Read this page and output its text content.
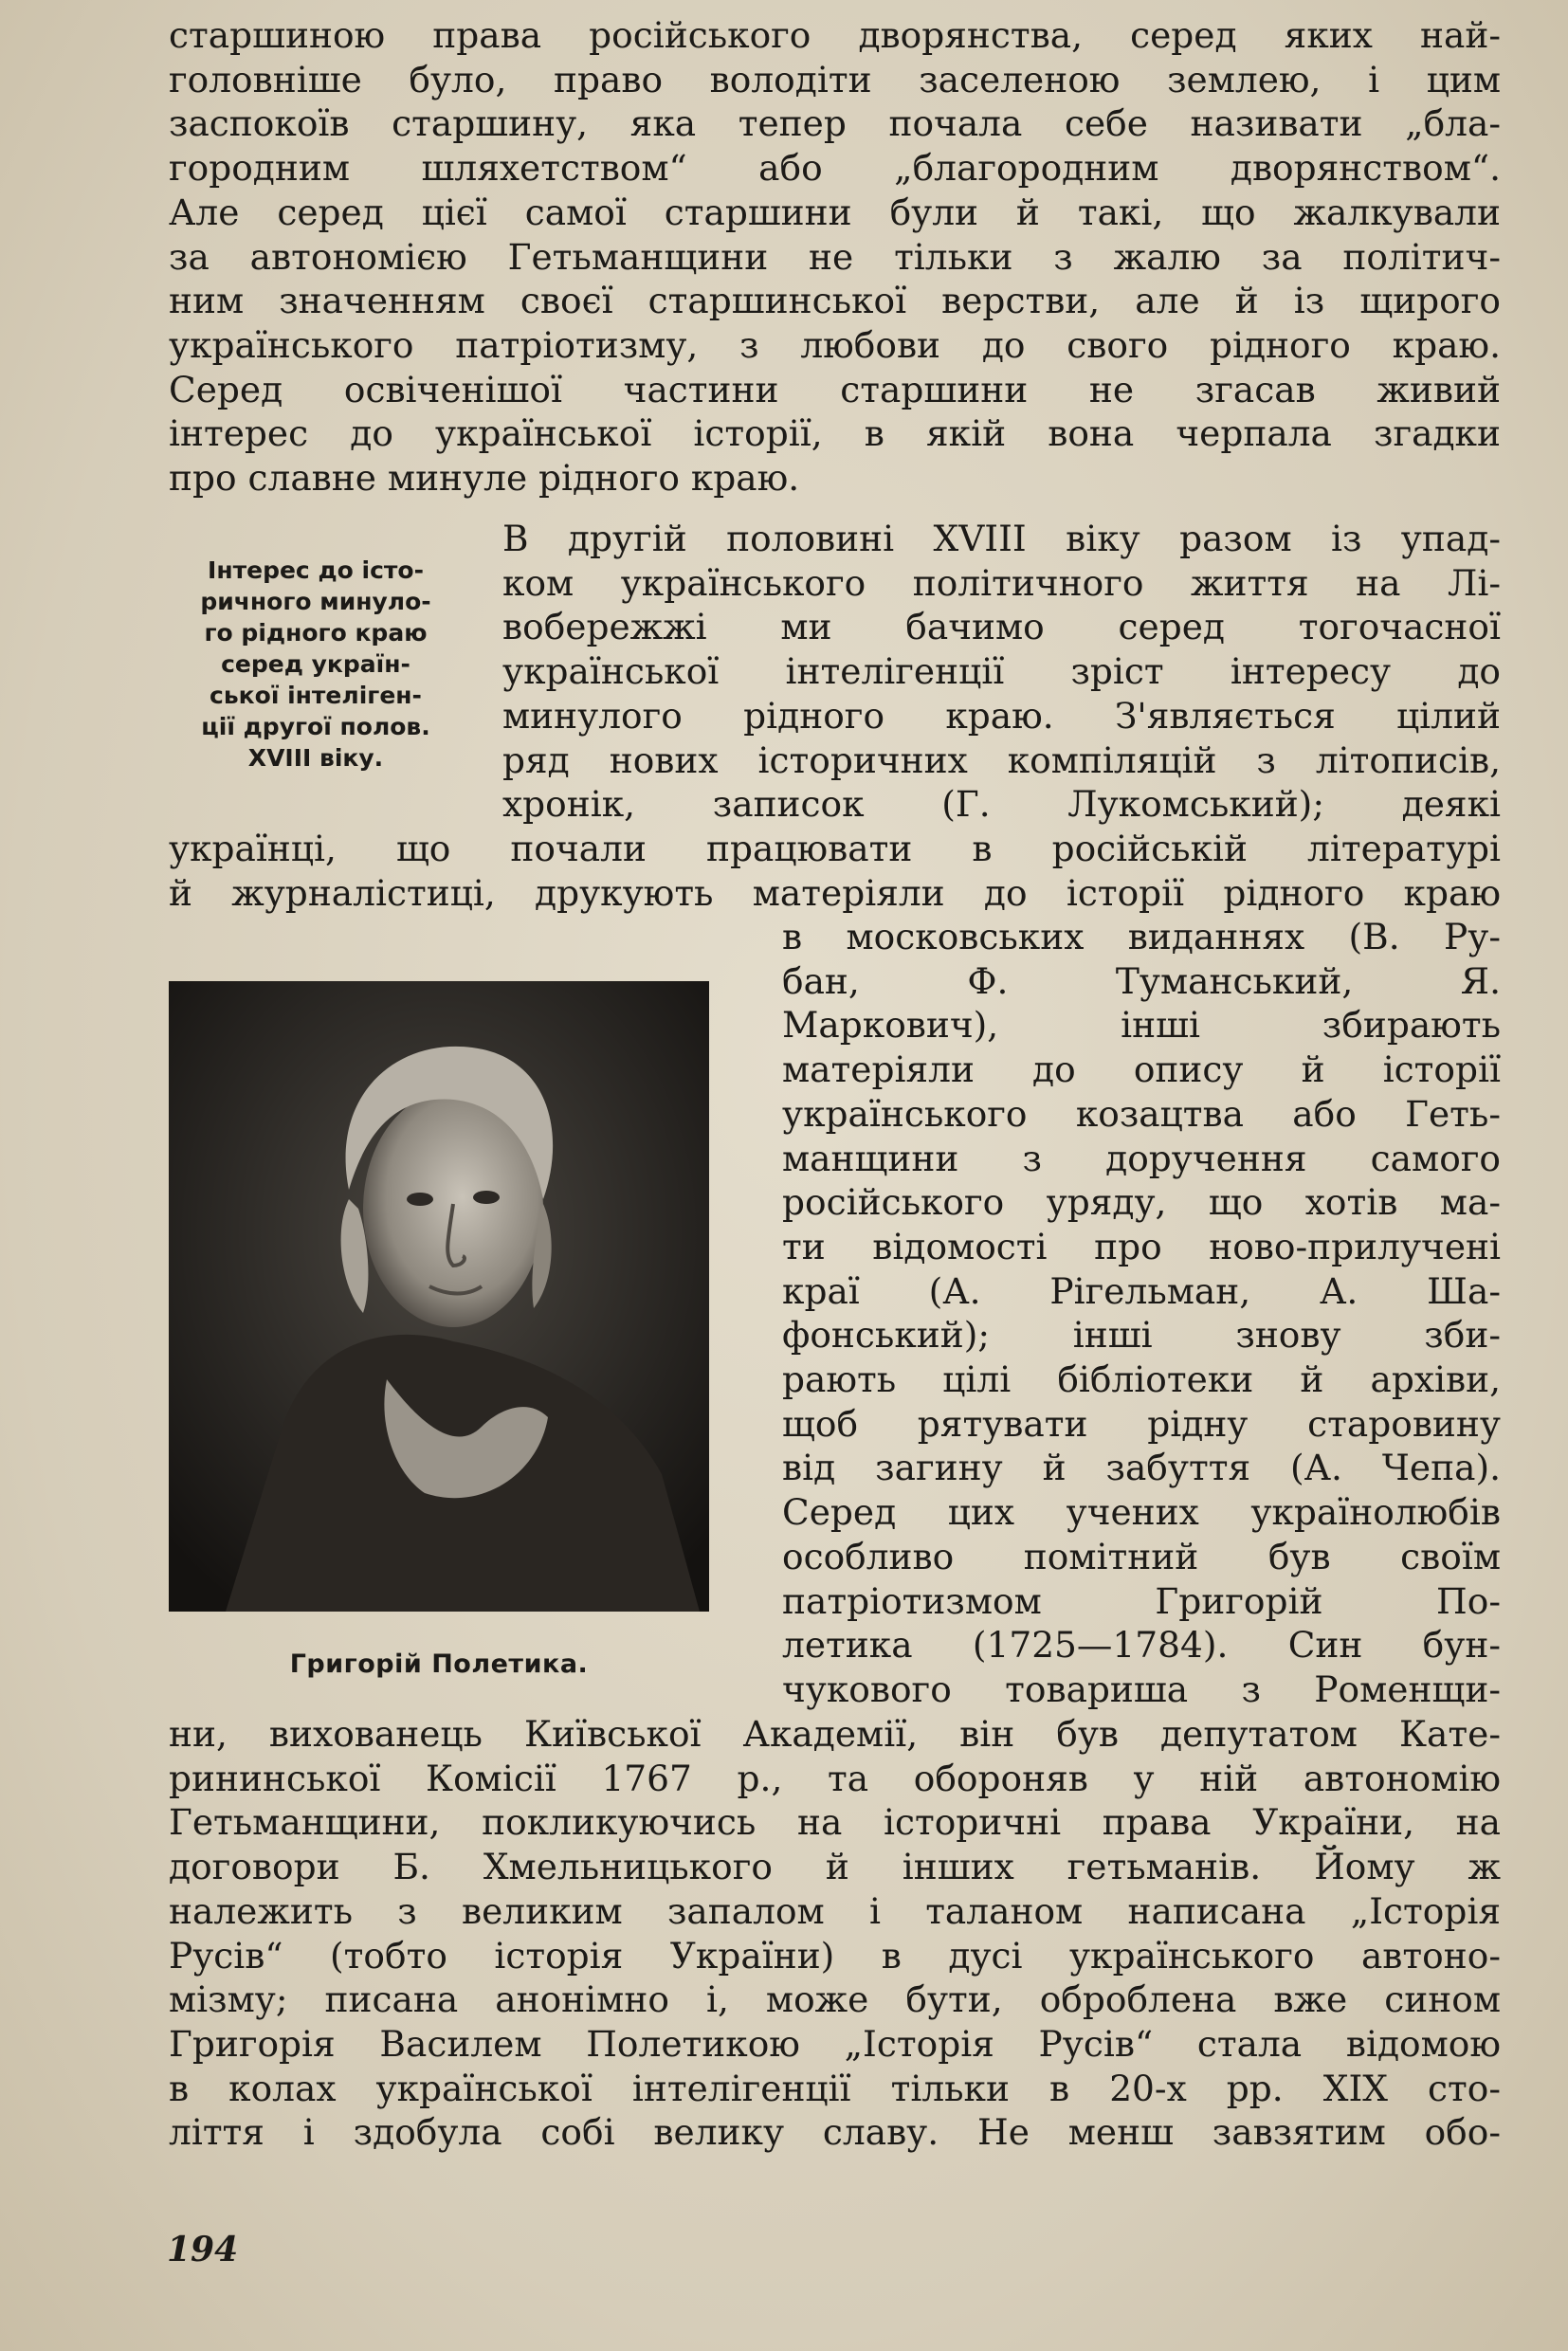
старшиною права російського дворянства, серед яких най-
головніше було, право володіти заселеною землею, і цим
заспокоїв старшину, яка тепер почала себе називати „бла-
городним шляхетством“ або „благородним дворянством“.
Але серед цієї самої старшини були й такі, що жалкували
за автономією Гетьманщини не тільки з жалю за політич-
ним значенням своєї старшинської верстви, але й із щирого
українського патріотизму, з любови до свого рідного краю.
Серед освіченішої частини старшини не згасав живий
інтерес до української історії, в якій вона черпала згадки
про славне минуле рідного краю.
Інтерес до істо-
ричного минуло-
го рідного краю
серед україн-
ської інтеліген-
ції другої полов.
XVIII віку.
В другій половині XVIII віку разом із упад-
ком українського політичного життя на Лі-
вобережжі ми бачимо серед тогочасної
української інтелігенції зріст інтересу до
минулого рідного краю. З'являється цілий
ряд нових історичних компіляцій з літописів,
хронік, записок (Г. Лукомський); деякі
українці, що почали працювати в російській літературі
й журналістиці, друкують матеріяли до історії рідного краю
Григорій Полетика.
в московських виданнях (В. Ру-
бан, Ф. Туманський, Я.
Маркович), інші збирають
матеріяли до опису й історії
українського козацтва або Геть-
манщини з доручення самого
російського уряду, що хотів ма-
ти відомості про ново-прилучені
краї (А. Рігельман, А. Ша-
фонський); інші знову зби-
рають цілі бібліотеки й архіви,
щоб рятувати рідну старовину
від загину й забуття (А. Чепа).
Серед цих учених українолюбів
особливо помітний був своїм
патріотизмом Григорій По-
летика (1725—1784). Син бун-
чукового товариша з Роменщи-
ни, вихованець Київської Академії, він був депутатом Кате-
рининської Комісії 1767 р., та обороняв у ній автономію
Гетьманщини, покликуючись на історичні права України, на
договори Б. Хмельницького й інших гетьманів. Йому ж
належить з великим запалом і таланом написана „Історія
Русів“ (тобто історія України) в дусі українського автоно-
мізму; писана анонімно і, може бути, оброблена вже сином
Григорія Василем Полетикою „Історія Русів“ стала відомою
в колах української інтелігенції тільки в 20-х рр. XIX сто-
ліття і здобула собі велику славу. Не менш завзятим обо-
194
